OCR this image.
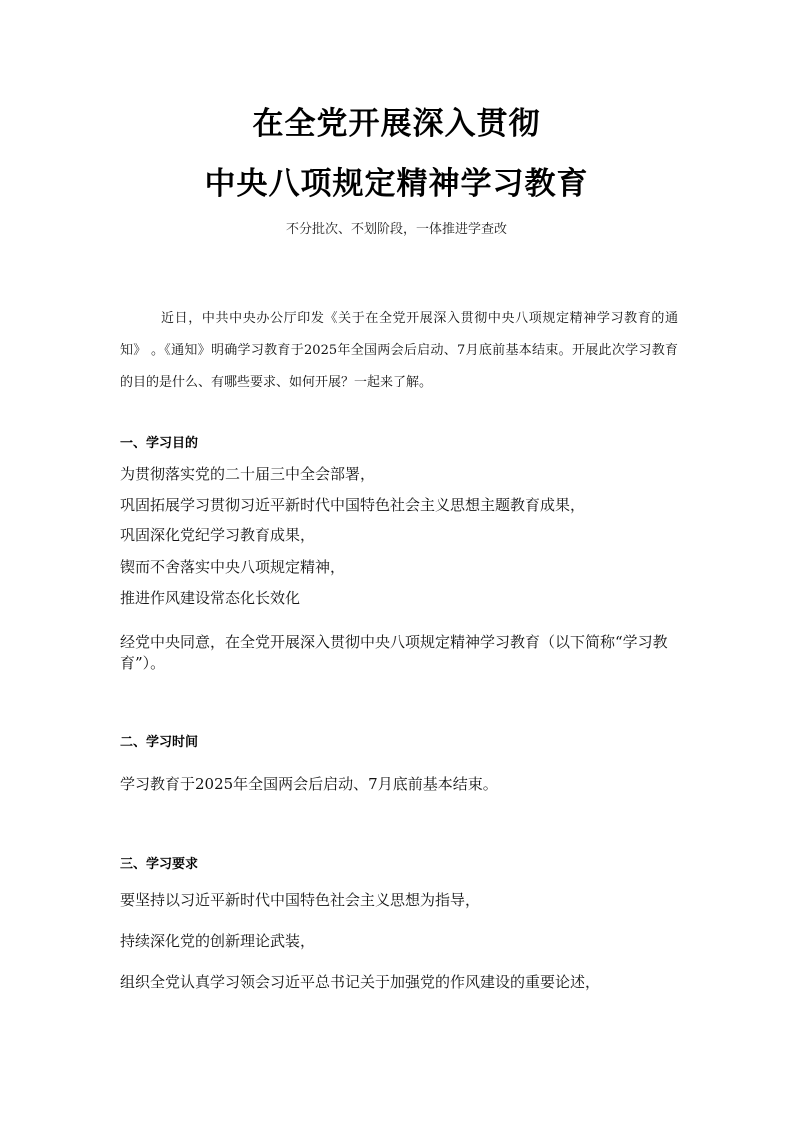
在全党开展深入贯彻
中央八项规定精神学习教育
不分批次、不划阶段，一体推进学查改
近日，中共中央办公厅印发《关于在全党开展深入贯彻中央八项规定精神学习教育的通知》 。《通知》明确学习教育于2025年全国两会后启动、7月底前基本结束。开展此次学习教育的目的是什么、有哪些要求、如何开展？一起来了解。
一、学习目的
为贯彻落实党的二十届三中全会部署，
巩固拓展学习贯彻习近平新时代中国特色社会主义思想主题教育成果，
巩固深化党纪学习教育成果，
锲而不舍落实中央八项规定精神，
推进作风建设常态化长效化
经党中央同意，在全党开展深入贯彻中央八项规定精神学习教育（以下简称“学习教育”）。
二、学习时间
学习教育于2025年全国两会后启动、7月底前基本结束。
三、学习要求
要坚持以习近平新时代中国特色社会主义思想为指导，
持续深化党的创新理论武装，
组织全党认真学习领会习近平总书记关于加强党的作风建设的重要论述，
